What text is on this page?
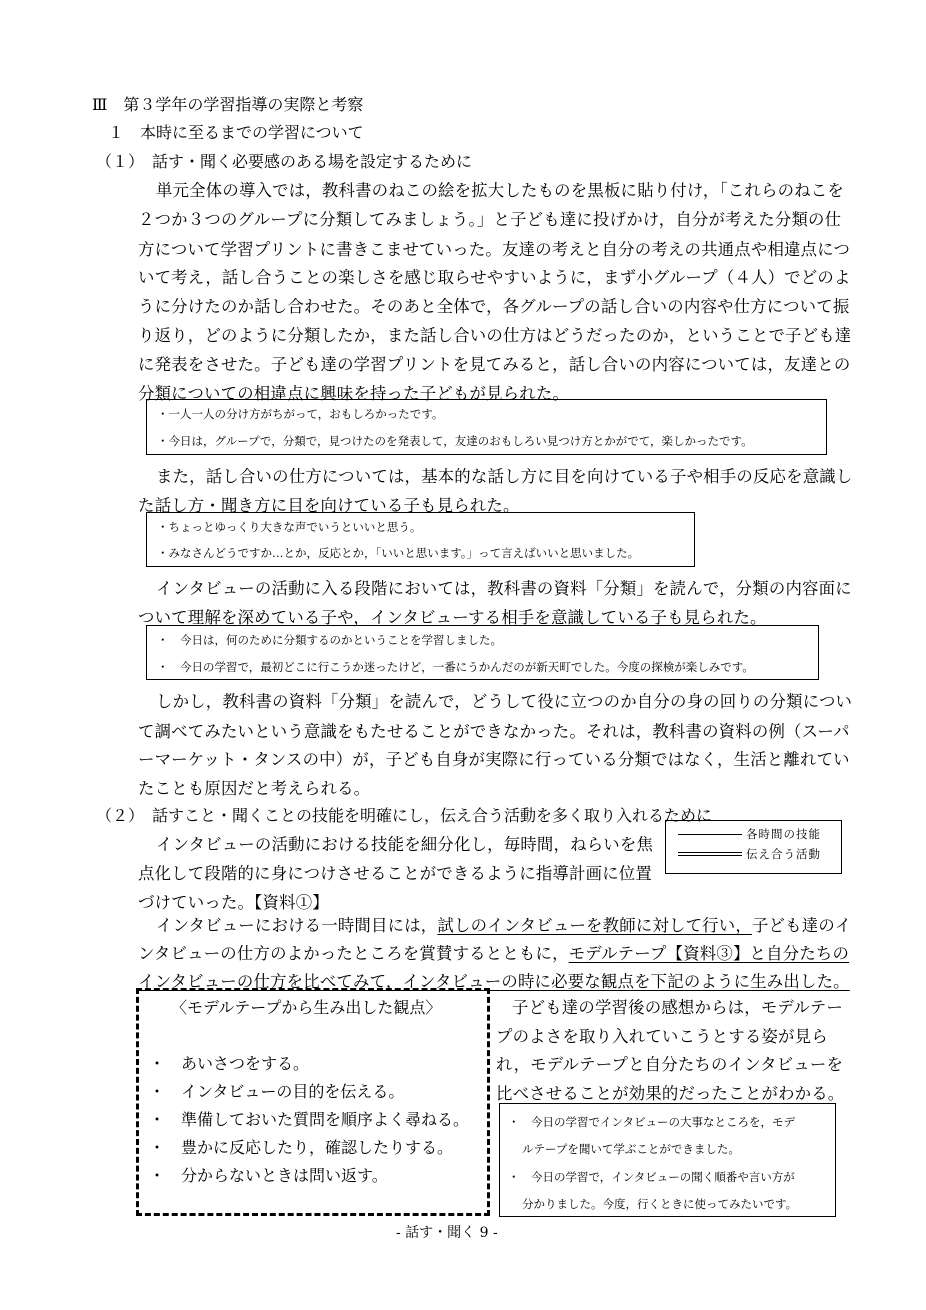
Ⅲ　第３学年の学習指導の実際と考察
１　本時に至るまでの学習について
（１）　話す・聞く必要感のある場を設定するために
単元全体の導入では，教科書のねこの絵を拡大したものを黒板に貼り付け，「これらのねこを
２つか３つのグループに分類してみましょう。」と子ども達に投げかけ，自分が考えた分類の仕
方について学習プリントに書きこませていった。友達の考えと自分の考えの共通点や相違点につ
いて考え，話し合うことの楽しさを感じ取らせやすいように，まず小グループ（４人）でどのよ
うに分けたのか話し合わせた。そのあと全体で，各グループの話し合いの内容や仕方について振
り返り，どのように分類したか，また話し合いの仕方はどうだったのか，ということで子ども達
に発表をさせた。子ども達の学習プリントを見てみると，話し合いの内容については，友達との
分類についての相違点に興味を持った子どもが見られた。
・一人一人の分け方がちがって，おもしろかったです。
・今日は，グループで，分類で，見つけたのを発表して，友達のおもしろい見つけ方とかがでて，楽しかったです。
また，話し合いの仕方については，基本的な話し方に目を向けている子や相手の反応を意識し
た話し方・聞き方に目を向けている子も見られた。
・ちょっとゆっくり大きな声でいうといいと思う。
・みなさんどうですか…とか，反応とか，「いいと思います。」って言えばいいと思いました。
インタビューの活動に入る段階においては，教科書の資料「分類」を読んで，分類の内容面に
ついて理解を深めている子や，インタビューする相手を意識している子も見られた。
・　今日は，何のために分類するのかということを学習しました。
・　今日の学習で，最初どこに行こうか迷ったけど，一番にうかんだのが新天町でした。今度の探検が楽しみです。
しかし，教科書の資料「分類」を読んで，どうして役に立つのか自分の身の回りの分類につい
て調べてみたいという意識をもたせることができなかった。それは，教科書の資料の例（スーパ
ーマーケット・タンスの中）が，子ども自身が実際に行っている分類ではなく，生活と離れてい
たことも原因だと考えられる。
（２）　話すこと・聞くことの技能を明確にし，伝え合う活動を多く取り入れるために
インタビューの活動における技能を細分化し，毎時間，ねらいを焦
点化して段階的に身につけさせることができるように指導計画に位置
づけていった。【資料①】
各時間の技能
伝え合う活動
インタビューにおける一時間目には，試しのインタビューを教師に対して行い，子ども達のイ
ンタビューの仕方のよかったところを賞賛するとともに，モデルテープ【資料③】と自分たちの
インタビューの仕方を比べてみて，インタビューの時に必要な観点を下記のように生み出した。
〈モデルテープから生み出した観点〉
・　あいさつをする。
・　インタビューの目的を伝える。
・　準備しておいた質問を順序よく尋ねる。
・　豊かに反応したり，確認したりする。
・　分からないときは問い返す。
子ども達の学習後の感想からは，モデルテー
プのよさを取り入れていこうとする姿が見ら
れ，モデルテープと自分たちのインタビューを
比べさせることが効果的だったことがわかる。
・　今日の学習でインタビューの大事なところを，モデ
ルテープを聞いて学ぶことができました。
・　今日の学習で，インタビューの聞く順番や言い方が
分かりました。今度，行くときに使ってみたいです。
- 話す・聞く 9 -
